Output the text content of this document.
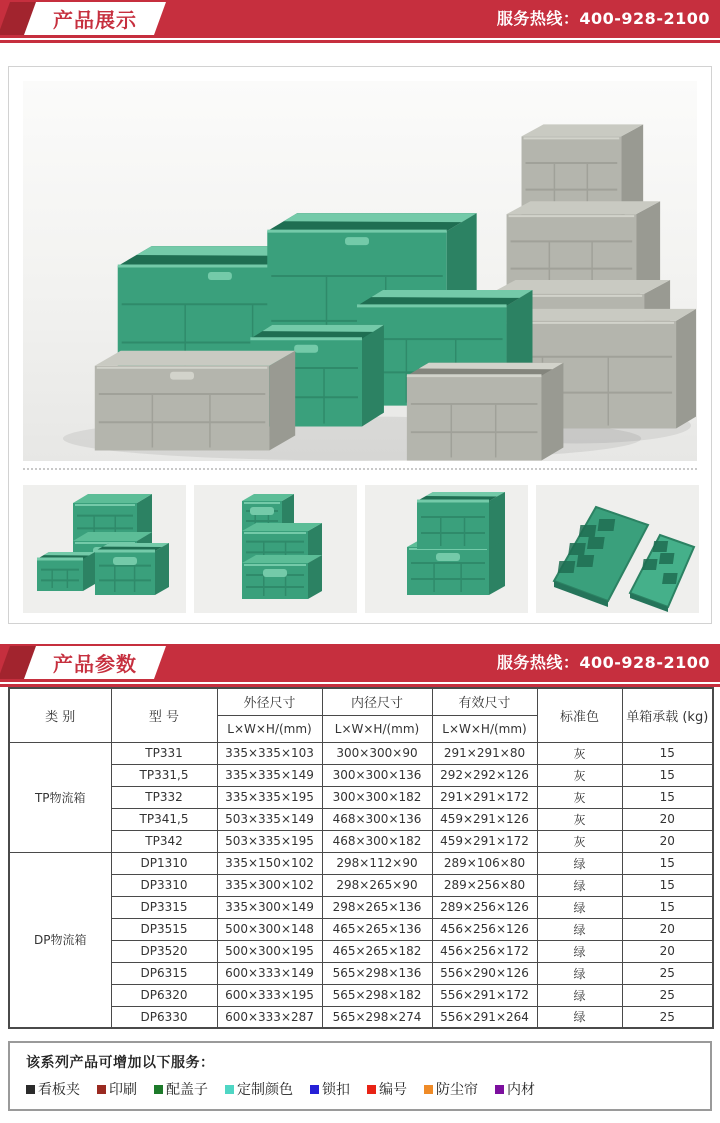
产品展示	服务热线：400-928-2100
产品参数	服务热线：400-928-2100
类 别	型 号	外径尺寸	内径尺寸	有效尺寸	标准色	单箱承载 (kg)
		L×W×H/(mm)	L×W×H/(mm)	L×W×H/(mm)		
TP物流箱	TP331	335×335×103	300×300×90	291×291×80	灰	15
	TP331,5	335×335×149	300×300×136	292×292×126	灰	15
	TP332	335×335×195	300×300×182	291×291×172	灰	15
	TP341,5	503×335×149	468×300×136	459×291×126	灰	20
	TP342	503×335×195	468×300×182	459×291×172	灰	20
DP物流箱	DP1310	335×150×102	298×112×90	289×106×80	绿	15
	DP3310	335×300×102	298×265×90	289×256×80	绿	15
	DP3315	335×300×149	298×265×136	289×256×126	绿	15
	DP3515	500×300×148	465×265×136	456×256×126	绿	20
	DP3520	500×300×195	465×265×182	456×256×172	绿	20
	DP6315	600×333×149	565×298×136	556×290×126	绿	25
	DP6320	600×333×195	565×298×182	556×291×172	绿	25
	DP6330	600×333×287	565×298×274	556×291×264	绿	25
该系列产品可增加以下服务：
看板夹 印刷 配盖子 定制颜色 锁扣 编号 防尘帘 内材
